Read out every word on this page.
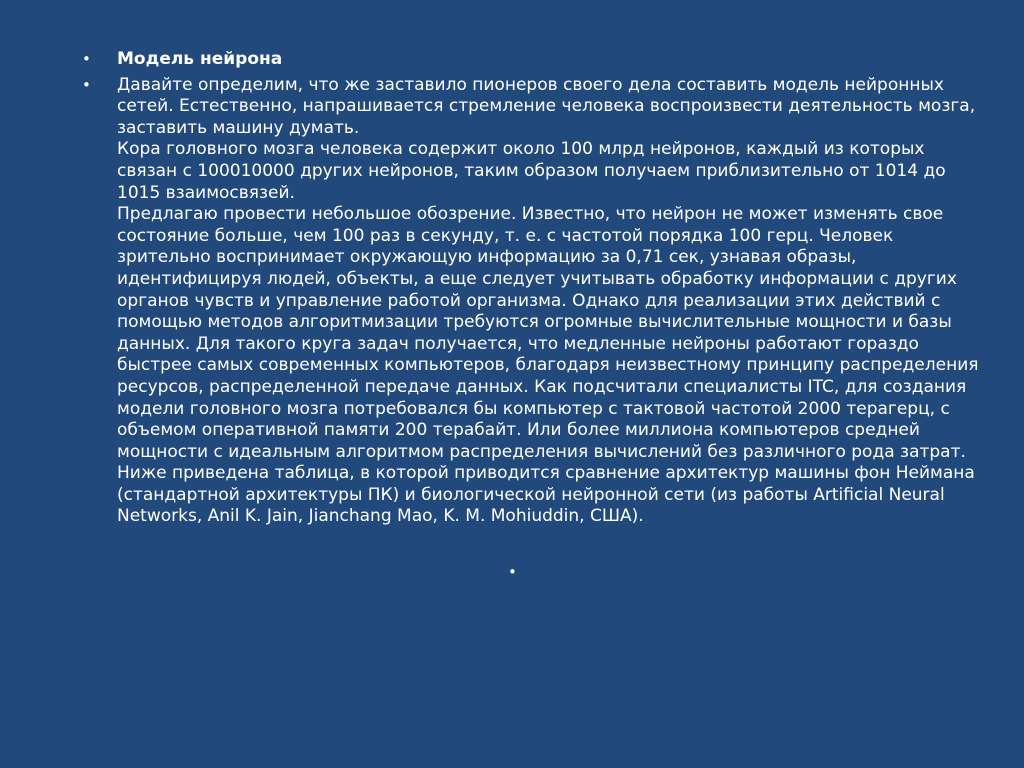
• Модель нейрона
• Давайте определим, что же заставило пионеров своего дела составить модель нейронных сетей. Естественно, напрашивается стремление человека воспроизвести деятельность мозга, заставить машину думать.
Кора головного мозга человека содержит около 100 млрд нейронов, каждый из которых связан с 100010000 других нейронов, таким образом получаем приблизительно от 1014 до 1015 взаимосвязей.
Предлагаю провести небольшое обозрение. Известно, что нейрон не может изменять свое состояние больше, чем 100 раз в секунду, т. е. с частотой порядка 100 герц. Человек зрительно воспринимает окружающую информацию за 0,71 сек, узнавая образы, идентифицируя людей, объекты, а еще следует учитывать обработку информации с других органов чувств и управление работой организма. Однако для реализации этих действий с помощью методов алгоритмизации требуются огромные вычислительные мощности и базы данных. Для такого круга задач получается, что медленные нейроны работают гораздо быстрее самых современных компьютеров, благодаря неизвестному принципу распределения ресурсов, распределенной передаче данных. Как подсчитали специалисты ITC, для создания модели головного мозга потребовался бы компьютер с тактовой частотой 2000 терагерц, с объемом оперативной памяти 200 терабайт. Или более миллиона компьютеров средней мощности с идеальным алгоритмом распределения вычислений без различного рода затрат. Ниже приведена таблица, в которой приводится сравнение архитектур машины фон Неймана (стандартной архитектуры ПК) и биологической нейронной сети (из работы Artificial Neural Networks, Anil K. Jain, Jianchang Mao, K. M. Mohiuddin, США).
•
